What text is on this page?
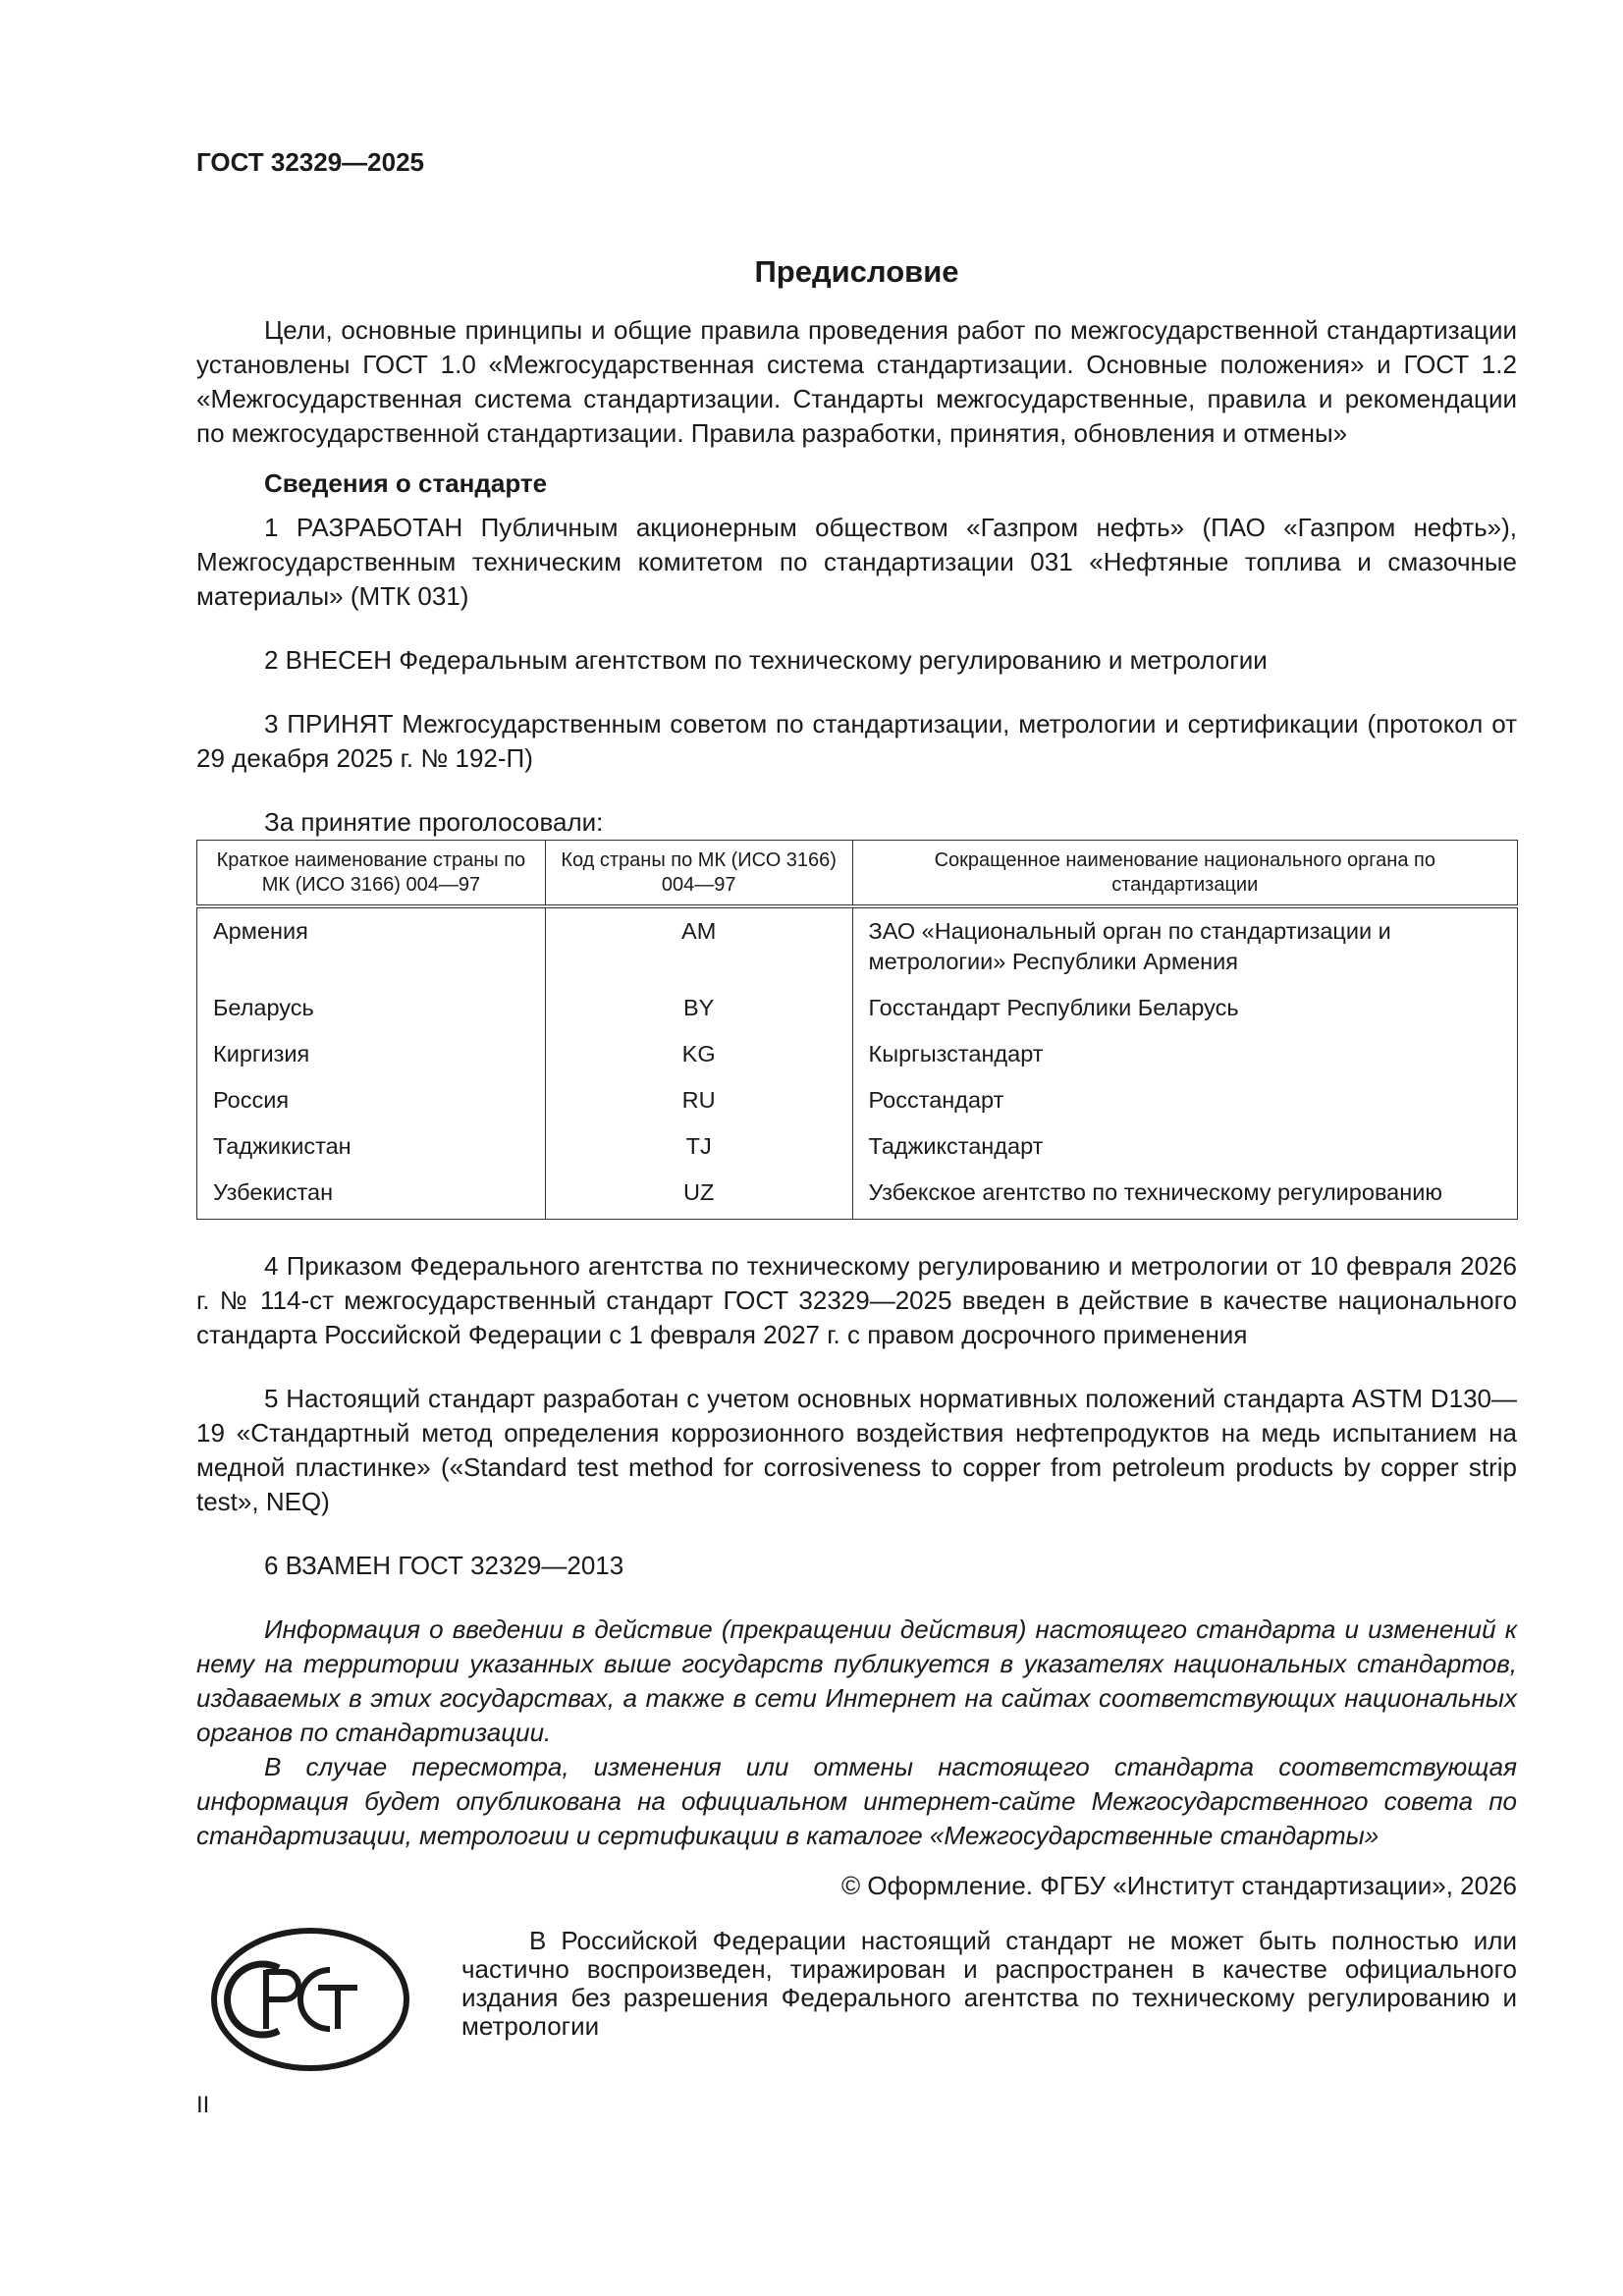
ГОСТ 32329—2025
Предисловие

Цели, основные принципы и общие правила проведения работ по межгосударственной стандартизации установлены ГОСТ 1.0 «Межгосударственная система стандартизации. Основные положения» и ГОСТ 1.2 «Межгосударственная система стандартизации. Стандарты межгосударственные, правила и рекомендации по межгосударственной стандартизации. Правила разработки, принятия, обновления и отмены»

Сведения о стандарте

1 РАЗРАБОТАН Публичным акционерным обществом «Газпром нефть» (ПАО «Газпром нефть»), Межгосударственным техническим комитетом по стандартизации 031 «Нефтяные топлива и смазочные материалы» (МТК 031)

2 ВНЕСЕН Федеральным агентством по техническому регулированию и метрологии

3 ПРИНЯТ Межгосударственным советом по стандартизации, метрологии и сертификации (протокол от 29 декабря 2025 г. № 192-П)

За принятие проголосовали:

Краткое наименование страны по МК (ИСО 3166) 004—97	Код страны по МК (ИСО 3166) 004—97	Сокращенное наименование национального органа по стандартизации
Армения	AM	ЗАО «Национальный орган по стандартизации и метрологии» Республики Армения
Беларусь	BY	Госстандарт Республики Беларусь
Киргизия	KG	Кыргызстандарт
Россия	RU	Росстандарт
Таджикистан	TJ	Таджикстандарт
Узбекистан	UZ	Узбекское агентство по техническому регулированию

4 Приказом Федерального агентства по техническому регулированию и метрологии от 10 февраля 2026 г. № 114-ст межгосударственный стандарт ГОСТ 32329—2025 введен в действие в качестве национального стандарта Российской Федерации с 1 февраля 2027 г. с правом досрочного применения

5 Настоящий стандарт разработан с учетом основных нормативных положений стандарта ASTM D130—19 «Стандартный метод определения коррозионного воздействия нефтепродуктов на медь испытанием на медной пластинке» («Standard test method for corrosiveness to copper from petroleum products by copper strip test», NEQ)

6 ВЗАМЕН ГОСТ 32329—2013

Информация о введении в действие (прекращении действия) настоящего стандарта и изменений к нему на территории указанных выше государств публикуется в указателях национальных стандартов, издаваемых в этих государствах, а также в сети Интернет на сайтах соответствующих национальных органов по стандартизации.

В случае пересмотра, изменения или отмены настоящего стандарта соответствующая информация будет опубликована на официальном интернет-сайте Межгосударственного совета по стандартизации, метрологии и сертификации в каталоге «Межгосударственные стандарты»

© Оформление. ФГБУ «Институт стандартизации», 2026

В Российской Федерации настоящий стандарт не может быть полностью или частично воспроизведен, тиражирован и распространен в качестве официального издания без разрешения Федерального агентства по техническому регулированию и метрологии
II
